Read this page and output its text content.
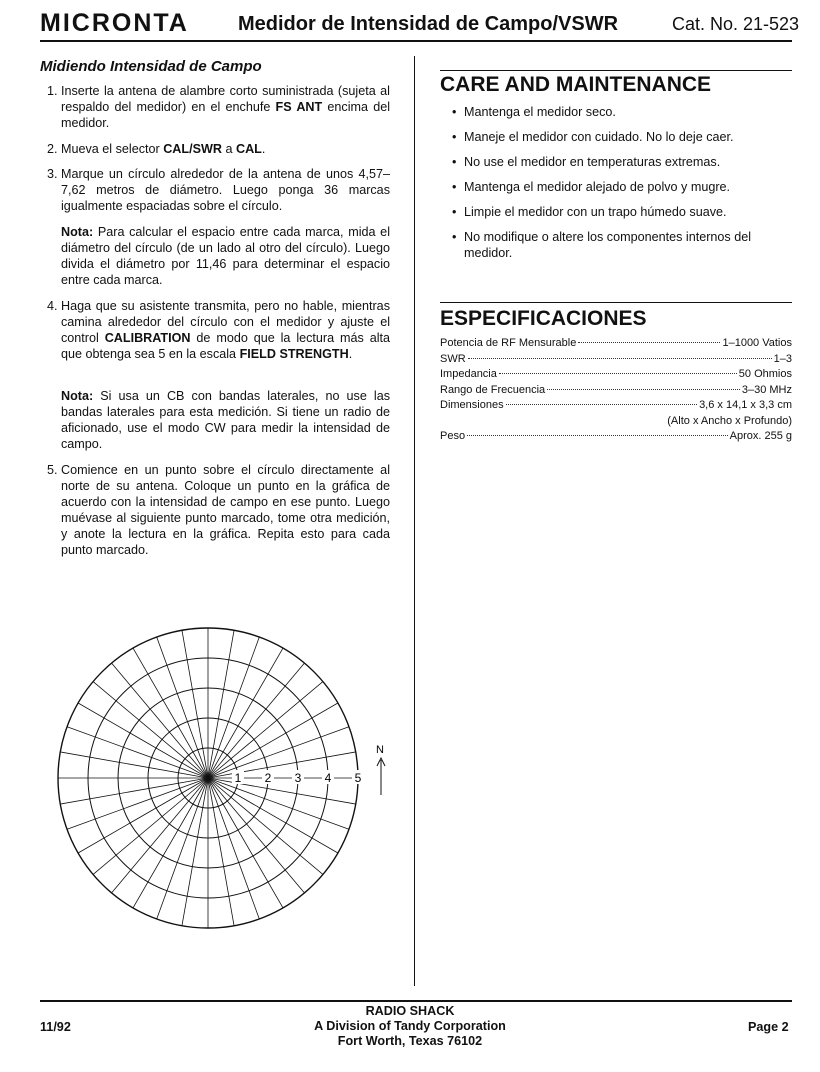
MICRONTA Medidor de Intensidad de Campo/VSWR	Cat. No. 21-523
Midiendo Intensidad de Campo
1. Inserte la antena de alambre corto suministrada (sujeta al respaldo del medidor) en el enchufe FS ANT encima del medidor.
2. Mueva el selector CAL/SWR a CAL.
3. Marque un círculo alrededor de la antena de unos 4,57–7,62 metros de diámetro. Luego ponga 36 marcas igualmente espaciadas sobre el círculo.
Nota: Para calcular el espacio entre cada marca, mida el diámetro del círculo (de un lado al otro del círculo). Luego divida el diámetro por 11,46 para determinar el espacio entre cada marca.
4. Haga que su asistente transmita, pero no hable, mientras camina alrededor del círculo con el medidor y ajuste el control CALIBRATION de modo que la lectura más alta que obtenga sea 5 en la escala FIELD STRENGTH.
Nota: Si usa un CB con bandas laterales, no use las bandas laterales para esta medición. Si tiene un radio de aficionado, use el modo CW para medir la intensidad de campo.
5. Comience en un punto sobre el círculo directamente al norte de su antena. Coloque un punto en la gráfica de acuerdo con la intensidad de campo en ese punto. Luego muévase al siguiente punto marcado, tome otra medición, y anote la lectura en la gráfica. Repita esto para cada punto marcado.
1 2 3 4 5
N
CARE AND MAINTENANCE
• Mantenga el medidor seco.
• Maneje el medidor con cuidado. No lo deje caer.
• No use el medidor en temperaturas extremas.
• Mantenga el medidor alejado de polvo y mugre.
• Limpie el medidor con un trapo húmedo suave.
• No modifique o altere los componentes internos del medidor.
ESPECIFICACIONES
Potencia de RF Mensurable	1–1000 Vatios
SWR	1–3
Impedancia	50 Ohmios
Rango de Frecuencia	3–30 MHz
Dimensiones	3,6 x 14,1 x 3,3 cm
(Alto x Ancho x Profundo)
Peso	Aprox. 255 g
RADIO SHACK
A Division of Tandy Corporation
Fort Worth, Texas 76102
11/92	Page 2
